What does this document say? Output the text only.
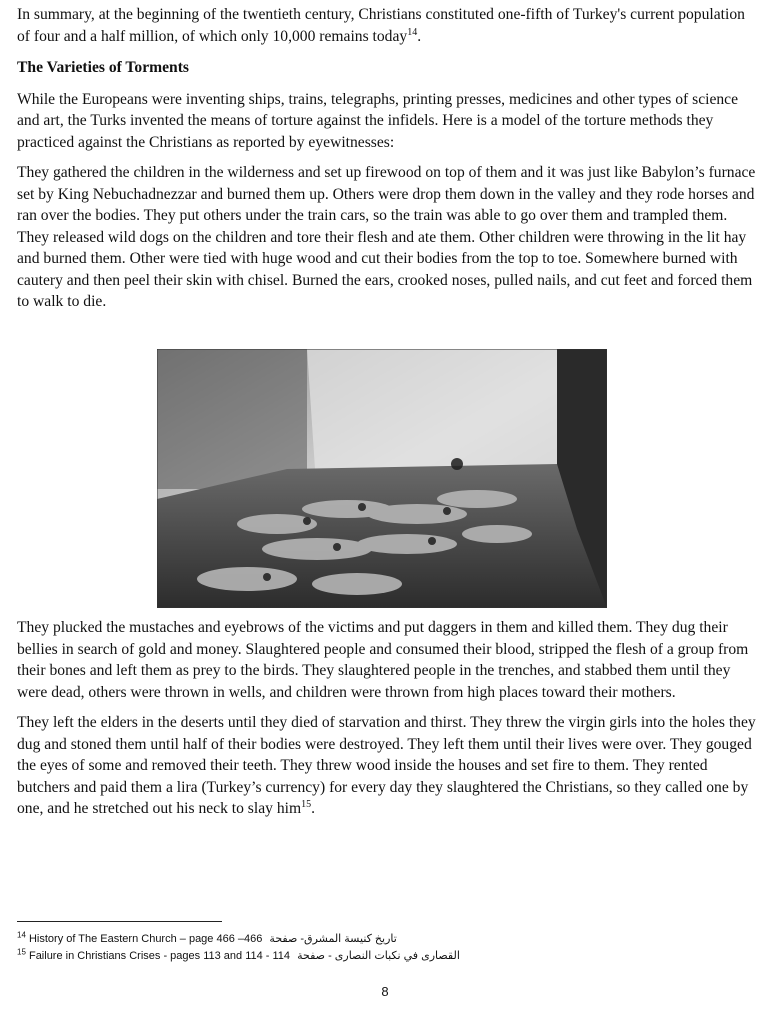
In summary, at the beginning of the twentieth century, Christians constituted one-fifth of Turkey's current population of four and a half million, of which only 10,000 remains today$^{14}$.

The Varieties of Torments

While the Europeans were inventing ships, trains, telegraphs, printing presses, medicines and other types of science and art, the Turks invented the means of torture against the infidels. Here is a model of the torture methods they practiced against the Christians as reported by eyewitnesses:

They gathered the children in the wilderness and set up firewood on top of them and it was just like Babylon’s furnace set by King Nebuchadnezzar and burned them up. Others were drop them down in the valley and they rode horses and ran over the bodies. They put others under the train cars, so the train was able to go over them and trampled them. They released wild dogs on the children and tore their flesh and ate them. Other children were throwing in the lit hay and burned them. Other were tied with huge wood and cut their bodies from the top to toe. Somewhere burned with cautery and then peel their skin with chisel. Burned the ears, crooked noses, pulled nails, and cut feet and forced them to walk to die.

They plucked the mustaches and eyebrows of the victims and put daggers in them and killed them. They dug their bellies in search of gold and money. Slaughtered people and consumed their blood, stripped the flesh of a group from their bones and left them as prey to the birds. They slaughtered people in the trenches, and stabbed them until they were dead, others were thrown in wells, and children were thrown from high places toward their mothers.

They left the elders in the deserts until they died of starvation and thirst. They threw the virgin girls into the holes they dug and stoned them until half of their bodies were destroyed. They left them until their lives were over. They gouged the eyes of some and removed their teeth. They threw wood inside the houses and set fire to them. They rented butchers and paid them a lira (Turkey’s currency) for every day they slaughtered the Christians, so they called one by one, and he stretched out his neck to slay him$^{15}$.

$^{14}$ History of The Eastern Church – page 466 –466 تاريخ كنيسة المشرق- صفحة
$^{15}$ Failure in Christians Crises - pages 113 and 114 - 114 القصارى في نكبات النصارى - صفحة
8
